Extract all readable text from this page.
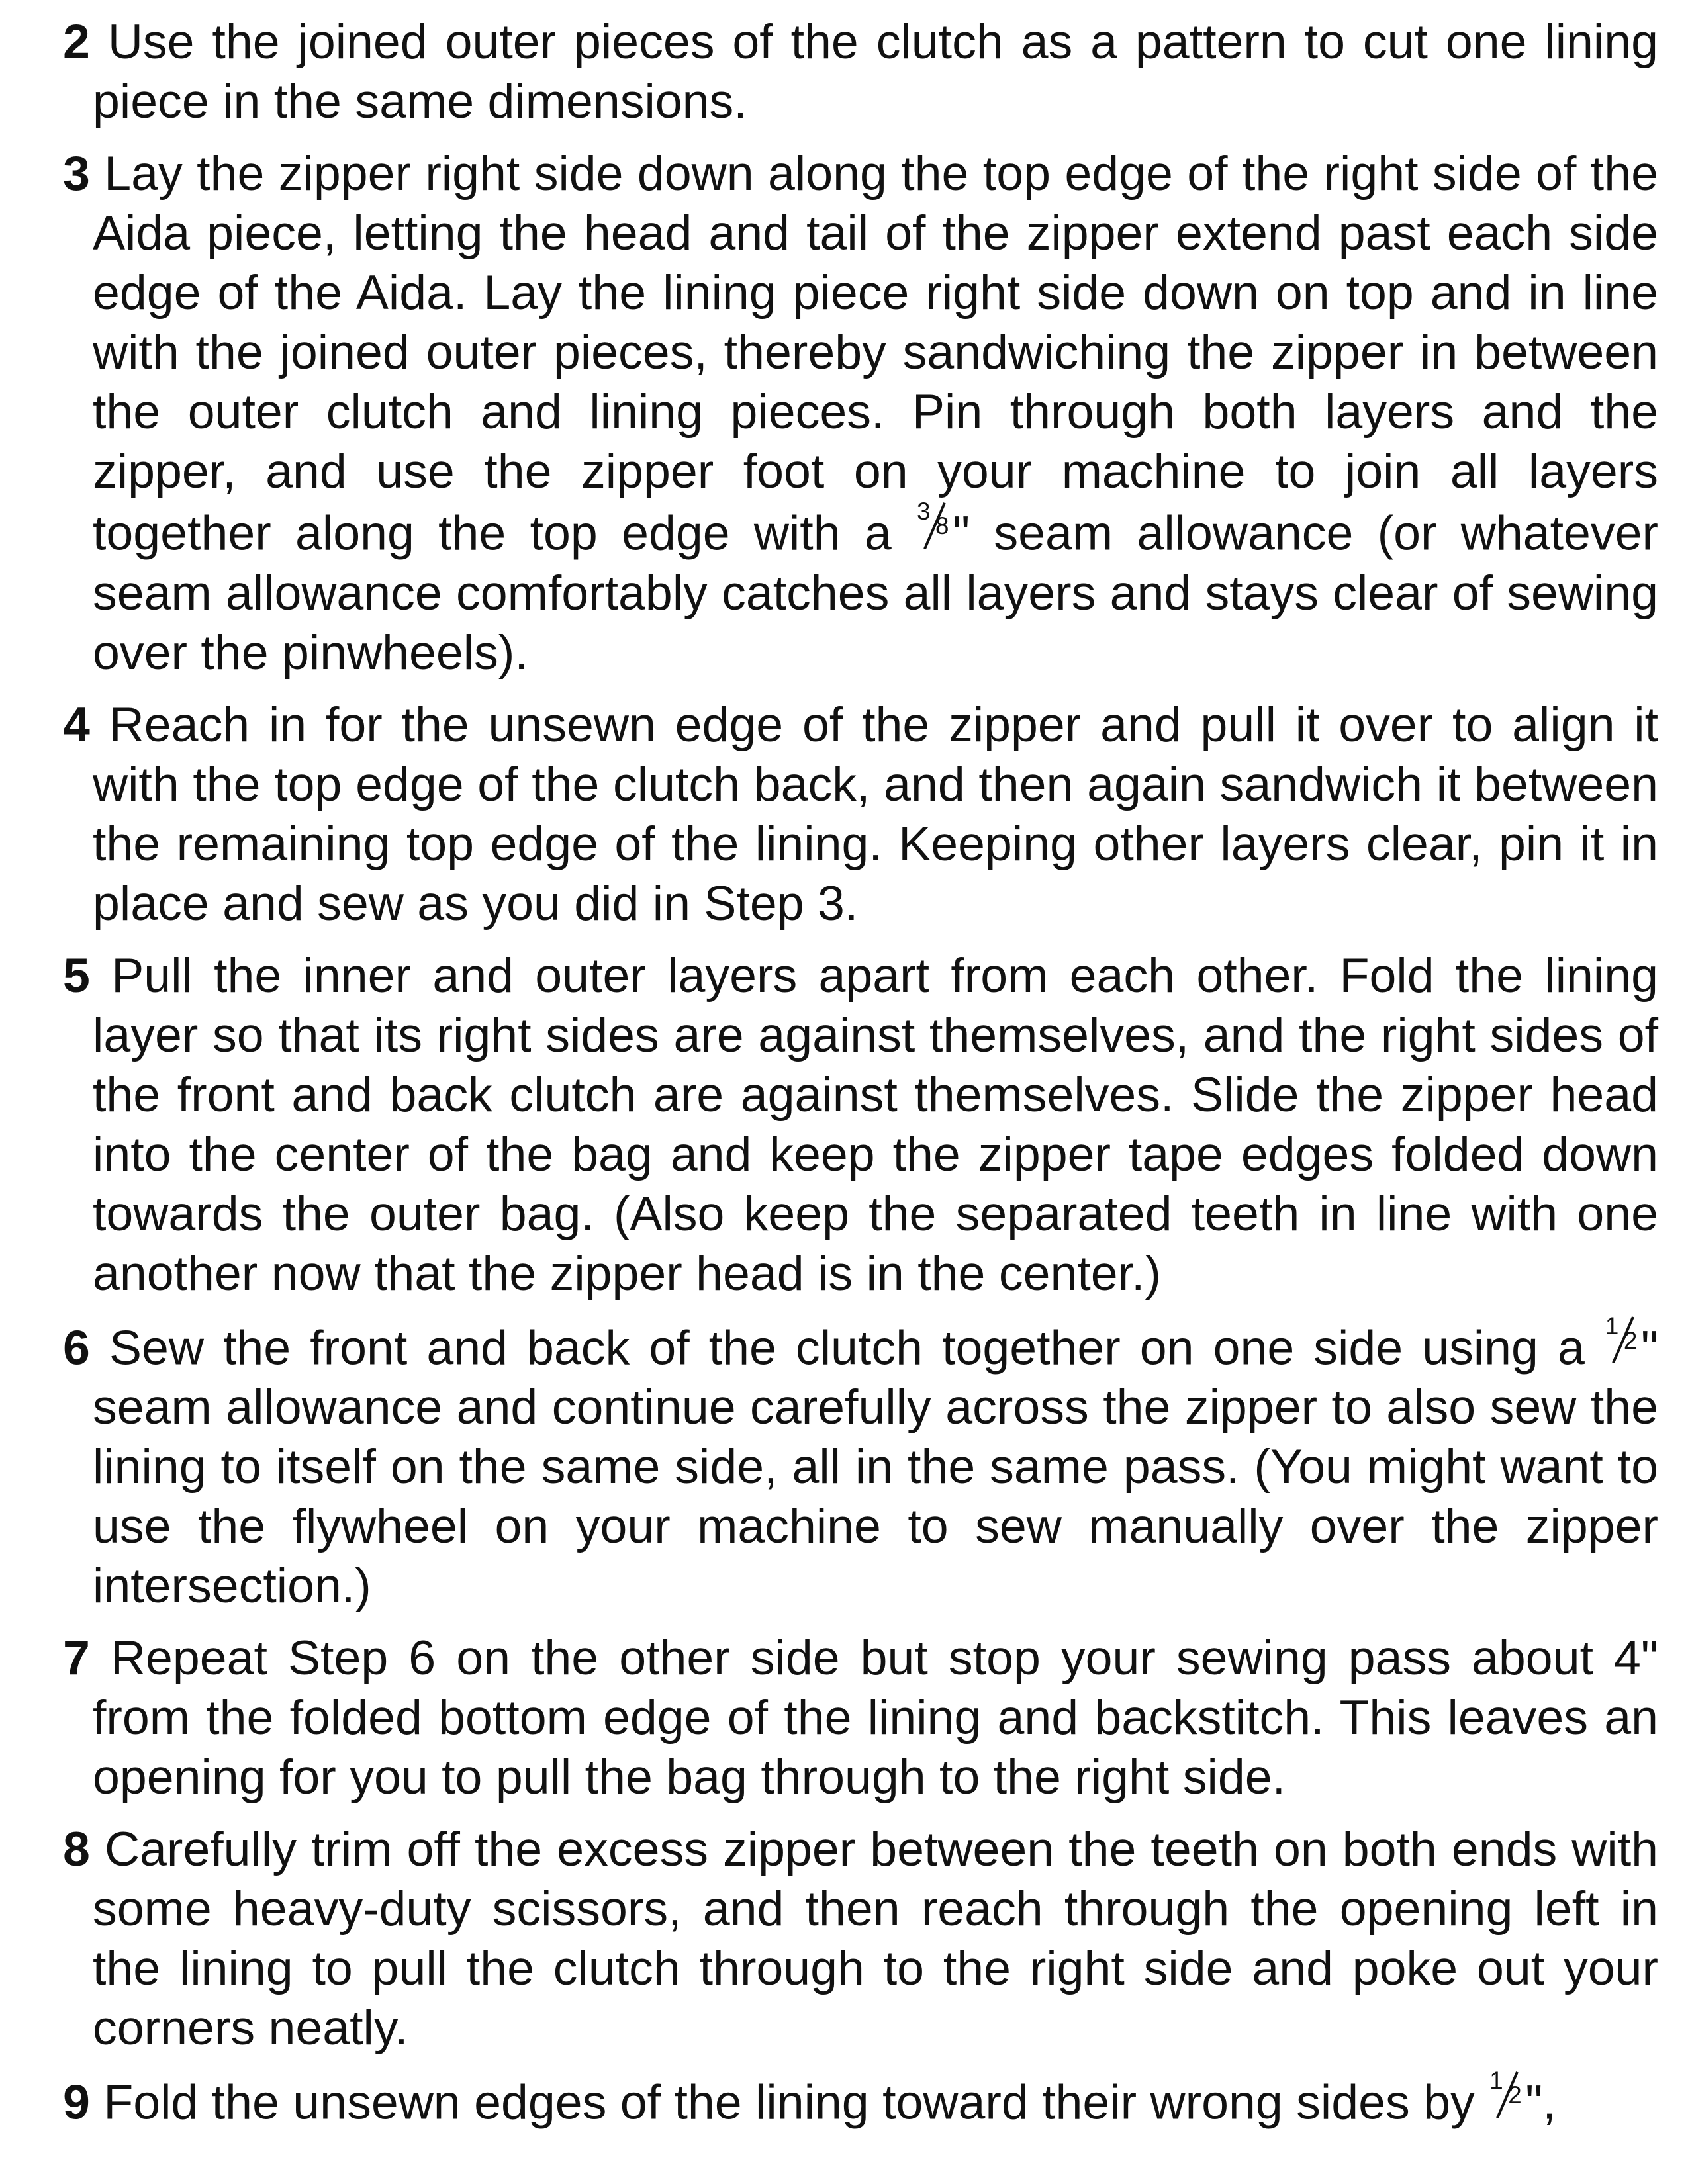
2 Use the joined outer pieces of the clutch as a pattern to cut one lining piece in the same dimensions.

3 Lay the zipper right side down along the top edge of the right side of the Aida piece, letting the head and tail of the zipper extend past each side edge of the Aida. Lay the lining piece right side down on top and in line with the joined outer pieces, thereby sandwiching the zipper in between the outer clutch and lining pieces. Pin through both layers and the zipper, and use the zipper foot on your machine to join all layers together along the top edge with a 3
8 " seam allowance (or whatever seam allowance comfortably catches all layers and stays clear of sewing over the pinwheels).

4 Reach in for the unsewn edge of the zipper and pull it over to align it with the top edge of the clutch back, and then again sandwich it between the remaining top edge of the lining. Keeping other layers clear, pin it in place and sew as you did in Step 3.

5 Pull the inner and outer layers apart from each other. Fold the lining layer so that its right sides are against themselves, and the right sides of the front and back clutch are against themselves. Slide the zipper head into the center of the bag and keep the zipper tape edges folded down towards the outer bag. (Also keep the separated teeth in line with one another now that the zipper head is in the center.)

6 Sew the front and back of the clutch together on one side using a 1
2 " seam allowance and continue carefully across the zipper to also sew the lining to itself on the same side, all in the same pass. (You might want to use the flywheel on your machine to sew manually over the zipper intersection.)

7 Repeat Step 6 on the other side but stop your sewing pass about 4" from the folded bottom edge of the lining and backstitch. This leaves an opening for you to pull the bag through to the right side.

8 Carefully trim off the excess zipper between the teeth on both ends with some heavy-duty scissors, and then reach through the opening left in the lining to pull the clutch through to the right side and poke out your corners neatly.

9 Fold the unsewn edges of the lining toward their wrong sides by 1
2 ",
